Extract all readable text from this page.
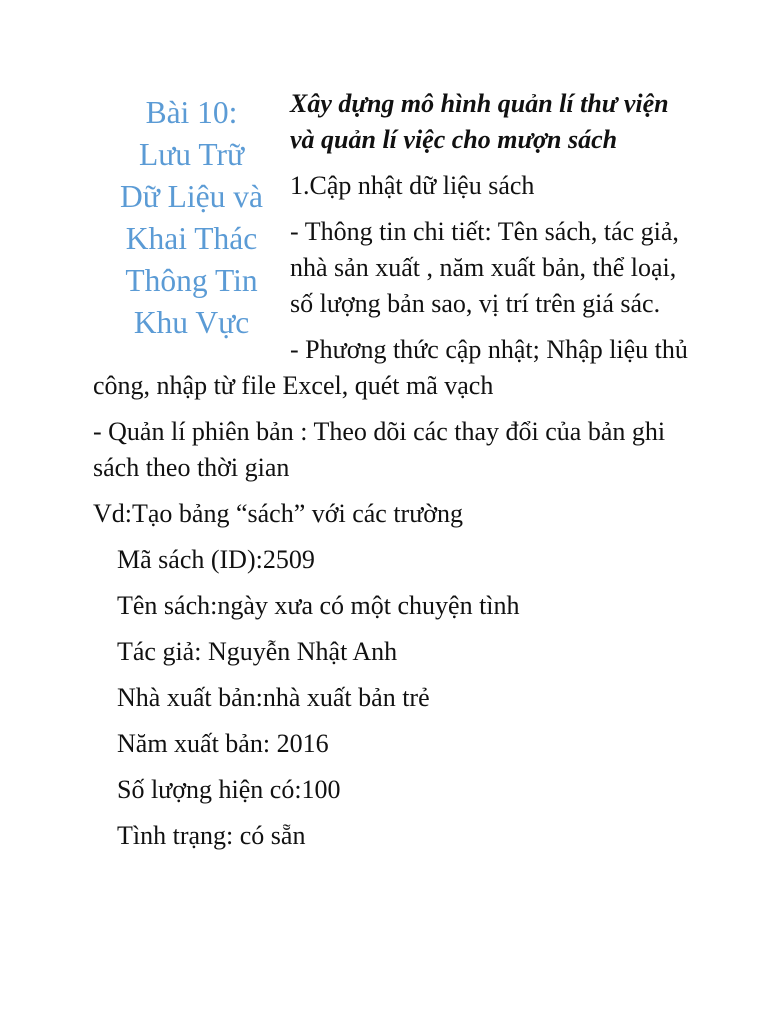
Bài 10:
Lưu Trữ
Dữ Liệu và
Khai Thác
Thông Tin
Khu Vực
Xây dựng mô hình quản lí thư viện và quản lí việc cho mượn sách

1.Cập nhật dữ liệu sách

- Thông tin chi tiết: Tên sách, tác giả, nhà sản xuất , năm xuất bản, thể loại, số lượng bản sao, vị trí trên giá sác.

- Phương thức cập nhật; Nhập liệu thủ công, nhập từ file Excel, quét mã vạch

- Quản lí phiên bản : Theo dõi các thay đổi của bản ghi sách theo thời gian

Vd:Tạo bảng “sách” với các trường

Mã sách (ID):2509

Tên sách:ngày xưa có một chuyện tình

Tác giả: Nguyễn Nhật Anh

Nhà xuất bản:nhà xuất bản trẻ

Năm xuất bản: 2016

Số lượng hiện có:100

Tình trạng: có sẵn
